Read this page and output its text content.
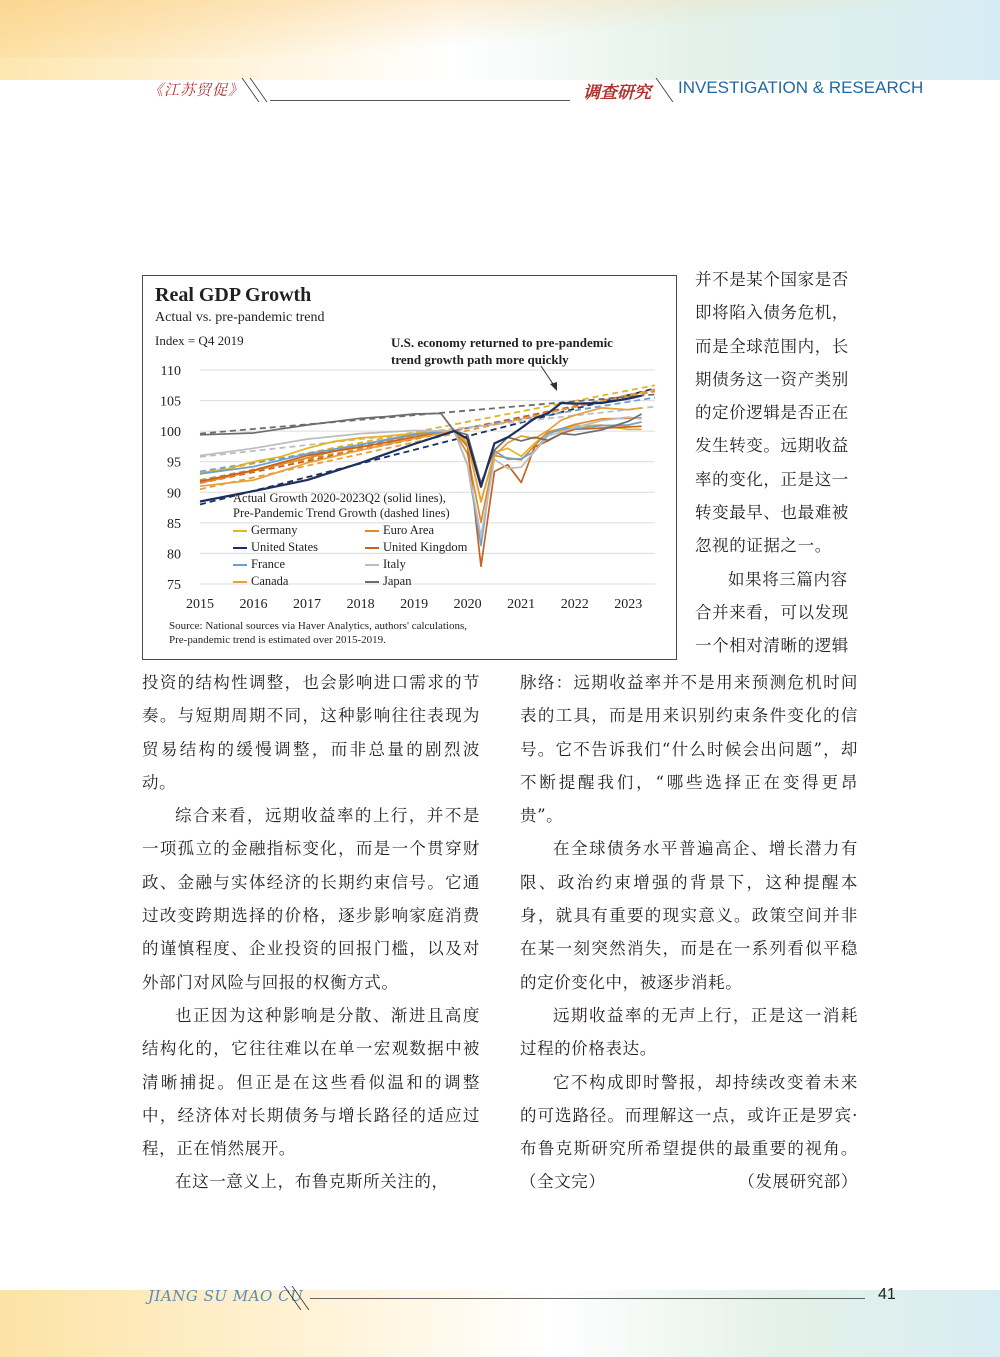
《江苏贸促》	调查研究 INVESTIGATION & RESEARCH
Real GDP Growth
Actual vs. pre-pandemic trend
Index = Q4 2019	U.S. economy returned to pre-pandemic
trend growth path more quickly
110
105
100
95
90
85
80
75
2015 2016 2017 2018 2019 2020 2021 2022 2023
Actual Growth 2020-2023Q2 (solid lines),
Pre-Pandemic Trend Growth (dashed lines)
Germany	Euro Area
United States	United Kingdom
France	Italy
Canada	Japan
Source: National sources via Haver Analytics, authors' calculations,
Pre-pandemic trend is estimated over 2015-2019.
并不是某个国家是否
即将陷入债务危机，
而是全球范围内，长
期债务这一资产类别
的定价逻辑是否正在
发生转变。远期收益
率的变化，正是这一
转变最早、也最难被
忽视的证据之一。
如果将三篇内容
合并来看，可以发现
一个相对清晰的逻辑

投资的结构性调整，也会影响进口需求的节奏。与短期周期不同，这种影响往往表现为贸易结构的缓慢调整，而非总量的剧烈波动。

综合来看，远期收益率的上行，并不是一项孤立的金融指标变化，而是一个贯穿财政、金融与实体经济的长期约束信号。它通过改变跨期选择的价格，逐步影响家庭消费的谨慎程度、企业投资的回报门槛，以及对外部门对风险与回报的权衡方式。

也正因为这种影响是分散、渐进且高度结构化的，它往往难以在单一宏观数据中被清晰捕捉。但正是在这些看似温和的调整中，经济体对长期债务与增长路径的适应过程，正在悄然展开。

在这一意义上，布鲁克斯所关注的，

脉络：远期收益率并不是用来预测危机时间表的工具，而是用来识别约束条件变化的信号。它不告诉我们“什么时候会出问题”，却不断提醒我们，“哪些选择正在变得更昂贵”。

在全球债务水平普遍高企、增长潜力有限、政治约束增强的背景下，这种提醒本身，就具有重要的现实意义。政策空间并非在某一刻突然消失，而是在一系列看似平稳的定价变化中，被逐步消耗。

远期收益率的无声上行，正是这一消耗过程的价格表达。

它不构成即时警报，却持续改变着未来的可选路径。而理解这一点，或许正是罗宾·布鲁克斯研究所希望提供的最重要的视角。（全文完）	（发展研究部）

JIANG SU MAO CU	41
